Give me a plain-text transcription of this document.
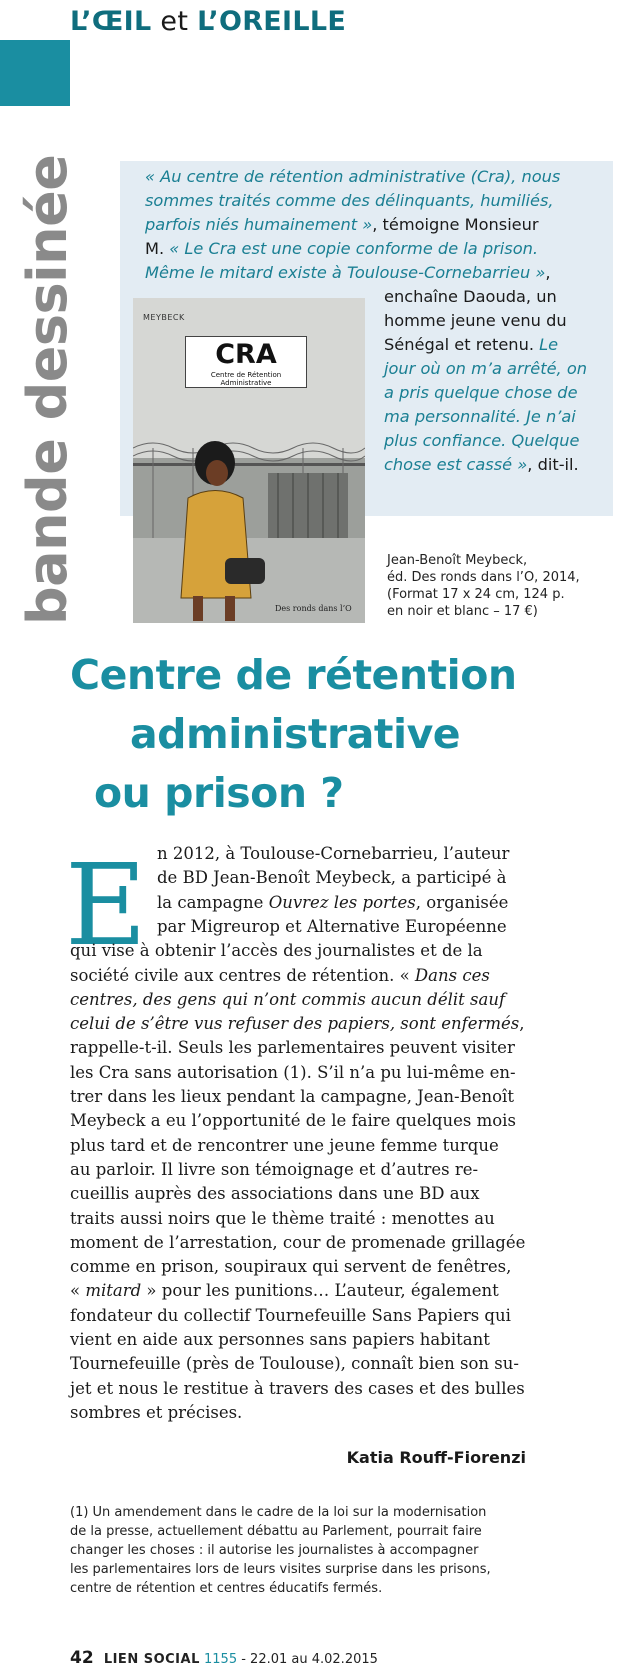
L’ŒIL et L’OREILLE
bande dessinée	« Au centre de rétention administrative (Cra), nous
sommes traités comme des délinquants, humiliés,
parfois niés humainement », témoigne Monsieur
M. « Le Cra est une copie conforme de la prison.
Même le mitard existe à Toulouse-Cornebarrieu »,
enchaîne Daouda, un
homme jeune venu du
Sénégal et retenu. Le
jour où on m’a arrêté, on
a pris quelque chose de
ma personnalité. Je n’ai
plus confiance. Quelque
chose est cassé », dit-il.
MEYBECK
CRA
Centre de Rétention Administrative
Des ronds dans l’O
Jean-Benoît Meybeck,
éd. Des ronds dans l’O, 2014,
(Format 17 x 24 cm, 124 p.
en noir et blanc – 17 €)
Centre de rétention
administrative
ou prison ?
E n 2012, à Toulouse-Cornebarrieu, l’auteur
de BD Jean-Benoît Meybeck, a participé à
la campagne Ouvrez les portes, organisée
par Migreurop et Alternative Européenne
qui vise à obtenir l’accès des journalistes et de la
société civile aux centres de rétention. « Dans ces
centres, des gens qui n’ont commis aucun délit sauf
celui de s’être vus refuser des papiers, sont enfermés,
rappelle-t-il. Seuls les parlementaires peuvent visiter
les Cra sans autorisation (1). S’il n’a pu lui-même en-
trer dans les lieux pendant la campagne, Jean-Benoît
Meybeck a eu l’opportunité de le faire quelques mois
plus tard et de rencontrer une jeune femme turque
au parloir. Il livre son témoignage et d’autres re-
cueillis auprès des associations dans une BD aux
traits aussi noirs que le thème traité : menottes au
moment de l’arrestation, cour de promenade grillagée
comme en prison, soupiraux qui servent de fenêtres,
« mitard » pour les punitions… L’auteur, également
fondateur du collectif Tournefeuille Sans Papiers qui
vient en aide aux personnes sans papiers habitant
Tournefeuille (près de Toulouse), connaît bien son su-
jet et nous le restitue à travers des cases et des bulles
sombres et précises.
Katia Rouff-Fiorenzi
(1) Un amendement dans le cadre de la loi sur la modernisation
de la presse, actuellement débattu au Parlement, pourrait faire
changer les choses : il autorise les journalistes à accompagner
les parlementaires lors de leurs visites surprise dans les prisons,
centre de rétention et centres éducatifs fermés.
42 LIEN SOCIAL 1155 - 22.01 au 4.02.2015
